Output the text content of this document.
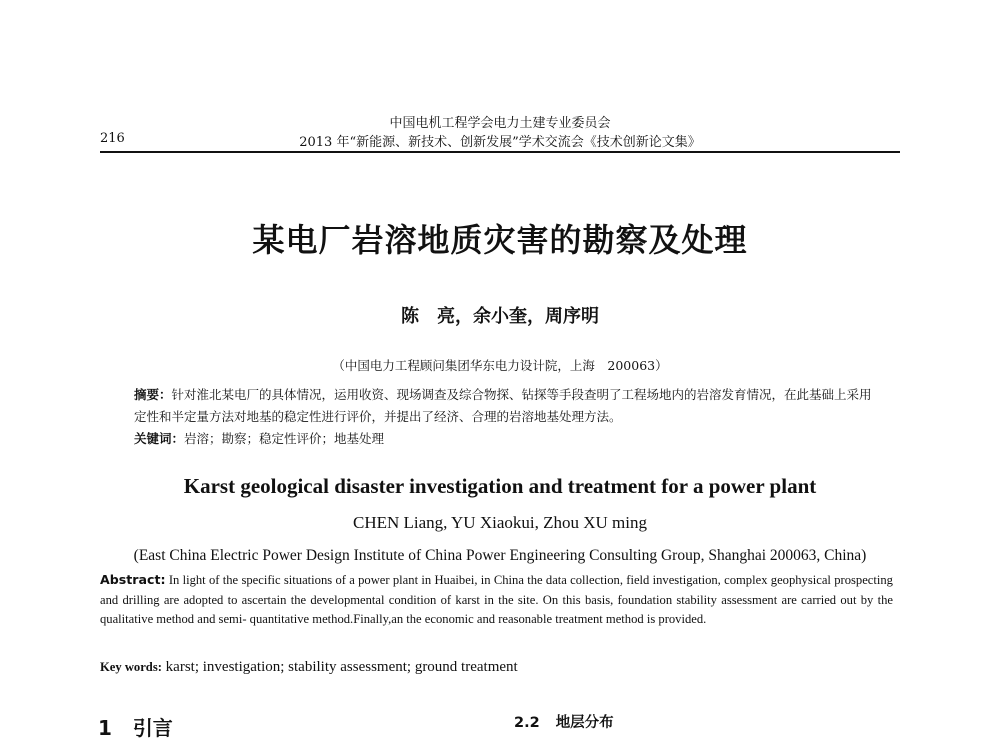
中国电机工程学会电力土建专业委员会
216	2013 年“新能源、新技术、创新发展”学术交流会《技术创新论文集》
某电厂岩溶地质灾害的勘察及处理
陈　亮，余小奎，周序明
（中国电力工程顾问集团华东电力设计院，上海　200063）
摘要：针对淮北某电厂的具体情况，运用收资、现场调查及综合物探、钻探等手段查明了工程场地内的岩溶发育情况，在此基础上采用定性和半定量方法对地基的稳定性进行评价，并提出了经济、合理的岩溶地基处理方法。
关键词：岩溶；勘察；稳定性评价；地基处理
Karst geological disaster investigation and treatment for a power plant
CHEN Liang, YU Xiaokui, Zhou XU ming
(East China Electric Power Design Institute of China Power Engineering Consulting Group, Shanghai 200063, China)
Abstract: In light of the specific situations of a power plant in Huaibei, in China the data collection, field investigation, complex geophysical prospecting and drilling are adopted to ascertain the developmental condition of karst in the site. On this basis, foundation stability assessment are carried out by the qualitative method and semi- quantitative method.Finally,an the economic and reasonable treatment method is provided.
Key words: karst; investigation; stability assessment; ground treatment
1 引言	2.2 地层分布
